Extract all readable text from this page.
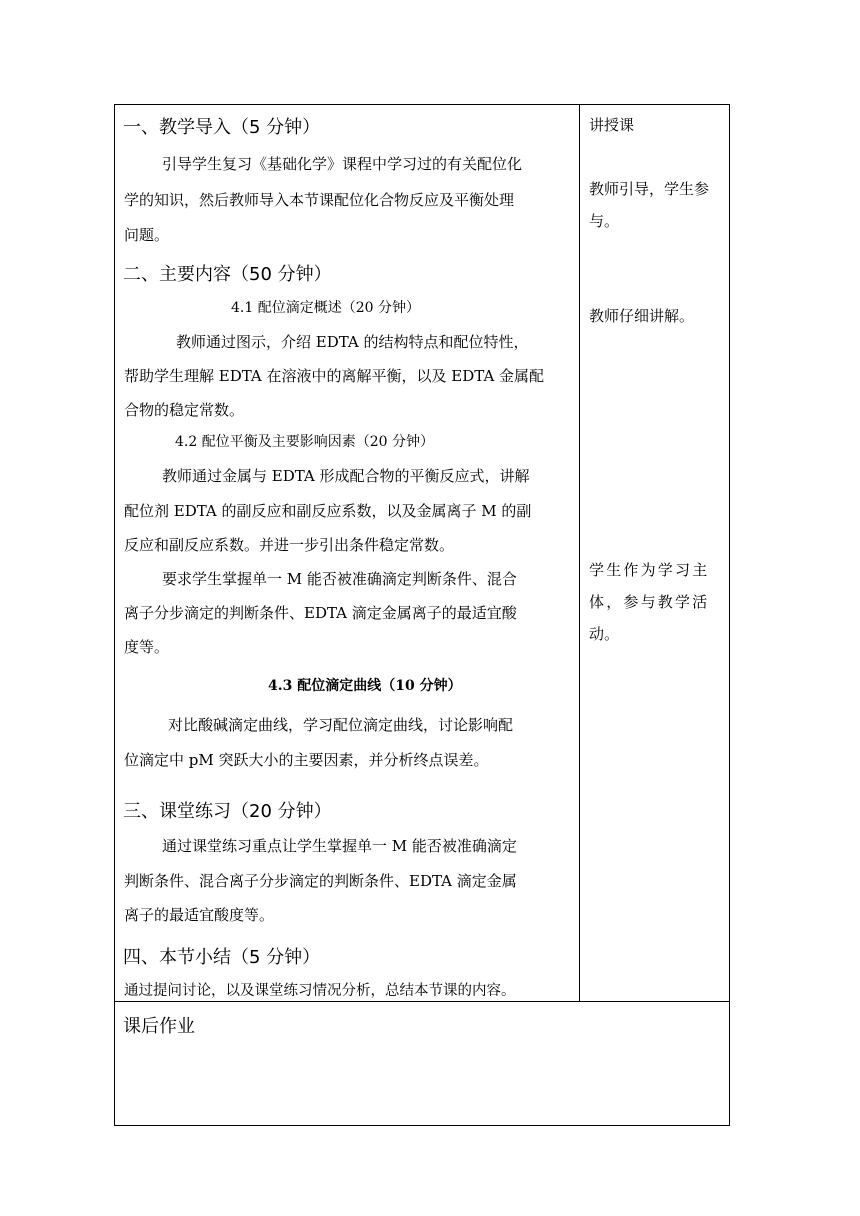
一、教学导入（5 分钟）
引导学生复习《基础化学》课程中学习过的有关配位化
学的知识，然后教师导入本节课配位化合物反应及平衡处理
问题。
二、主要内容（50 分钟）
4.1 配位滴定概述（20 分钟）
教师通过图示，介绍 EDTA 的结构特点和配位特性，
帮助学生理解 EDTA 在溶液中的离解平衡，以及 EDTA 金属配
合物的稳定常数。
4.2 配位平衡及主要影响因素（20 分钟）
教师通过金属与 EDTA 形成配合物的平衡反应式，讲解
配位剂 EDTA 的副反应和副反应系数，以及金属离子 M 的副
反应和副反应系数。并进一步引出条件稳定常数。
要求学生掌握单一 M 能否被准确滴定判断条件、混合
离子分步滴定的判断条件、EDTA 滴定金属离子的最适宜酸
度等。
4.3 配位滴定曲线（10 分钟）
对比酸碱滴定曲线，学习配位滴定曲线，讨论影响配
位滴定中 pM 突跃大小的主要因素，并分析终点误差。
三、课堂练习（20 分钟）
通过课堂练习重点让学生掌握单一 M 能否被准确滴定
判断条件、混合离子分步滴定的判断条件、EDTA 滴定金属
离子的最适宜酸度等。
四、本节小结（5 分钟）
通过提问讨论，以及课堂练习情况分析，总结本节课的内容。
讲授课
教师引导，学生参
与。
教师仔细讲解。
学生作为学习主
体，参与教学活
动。
课后作业
